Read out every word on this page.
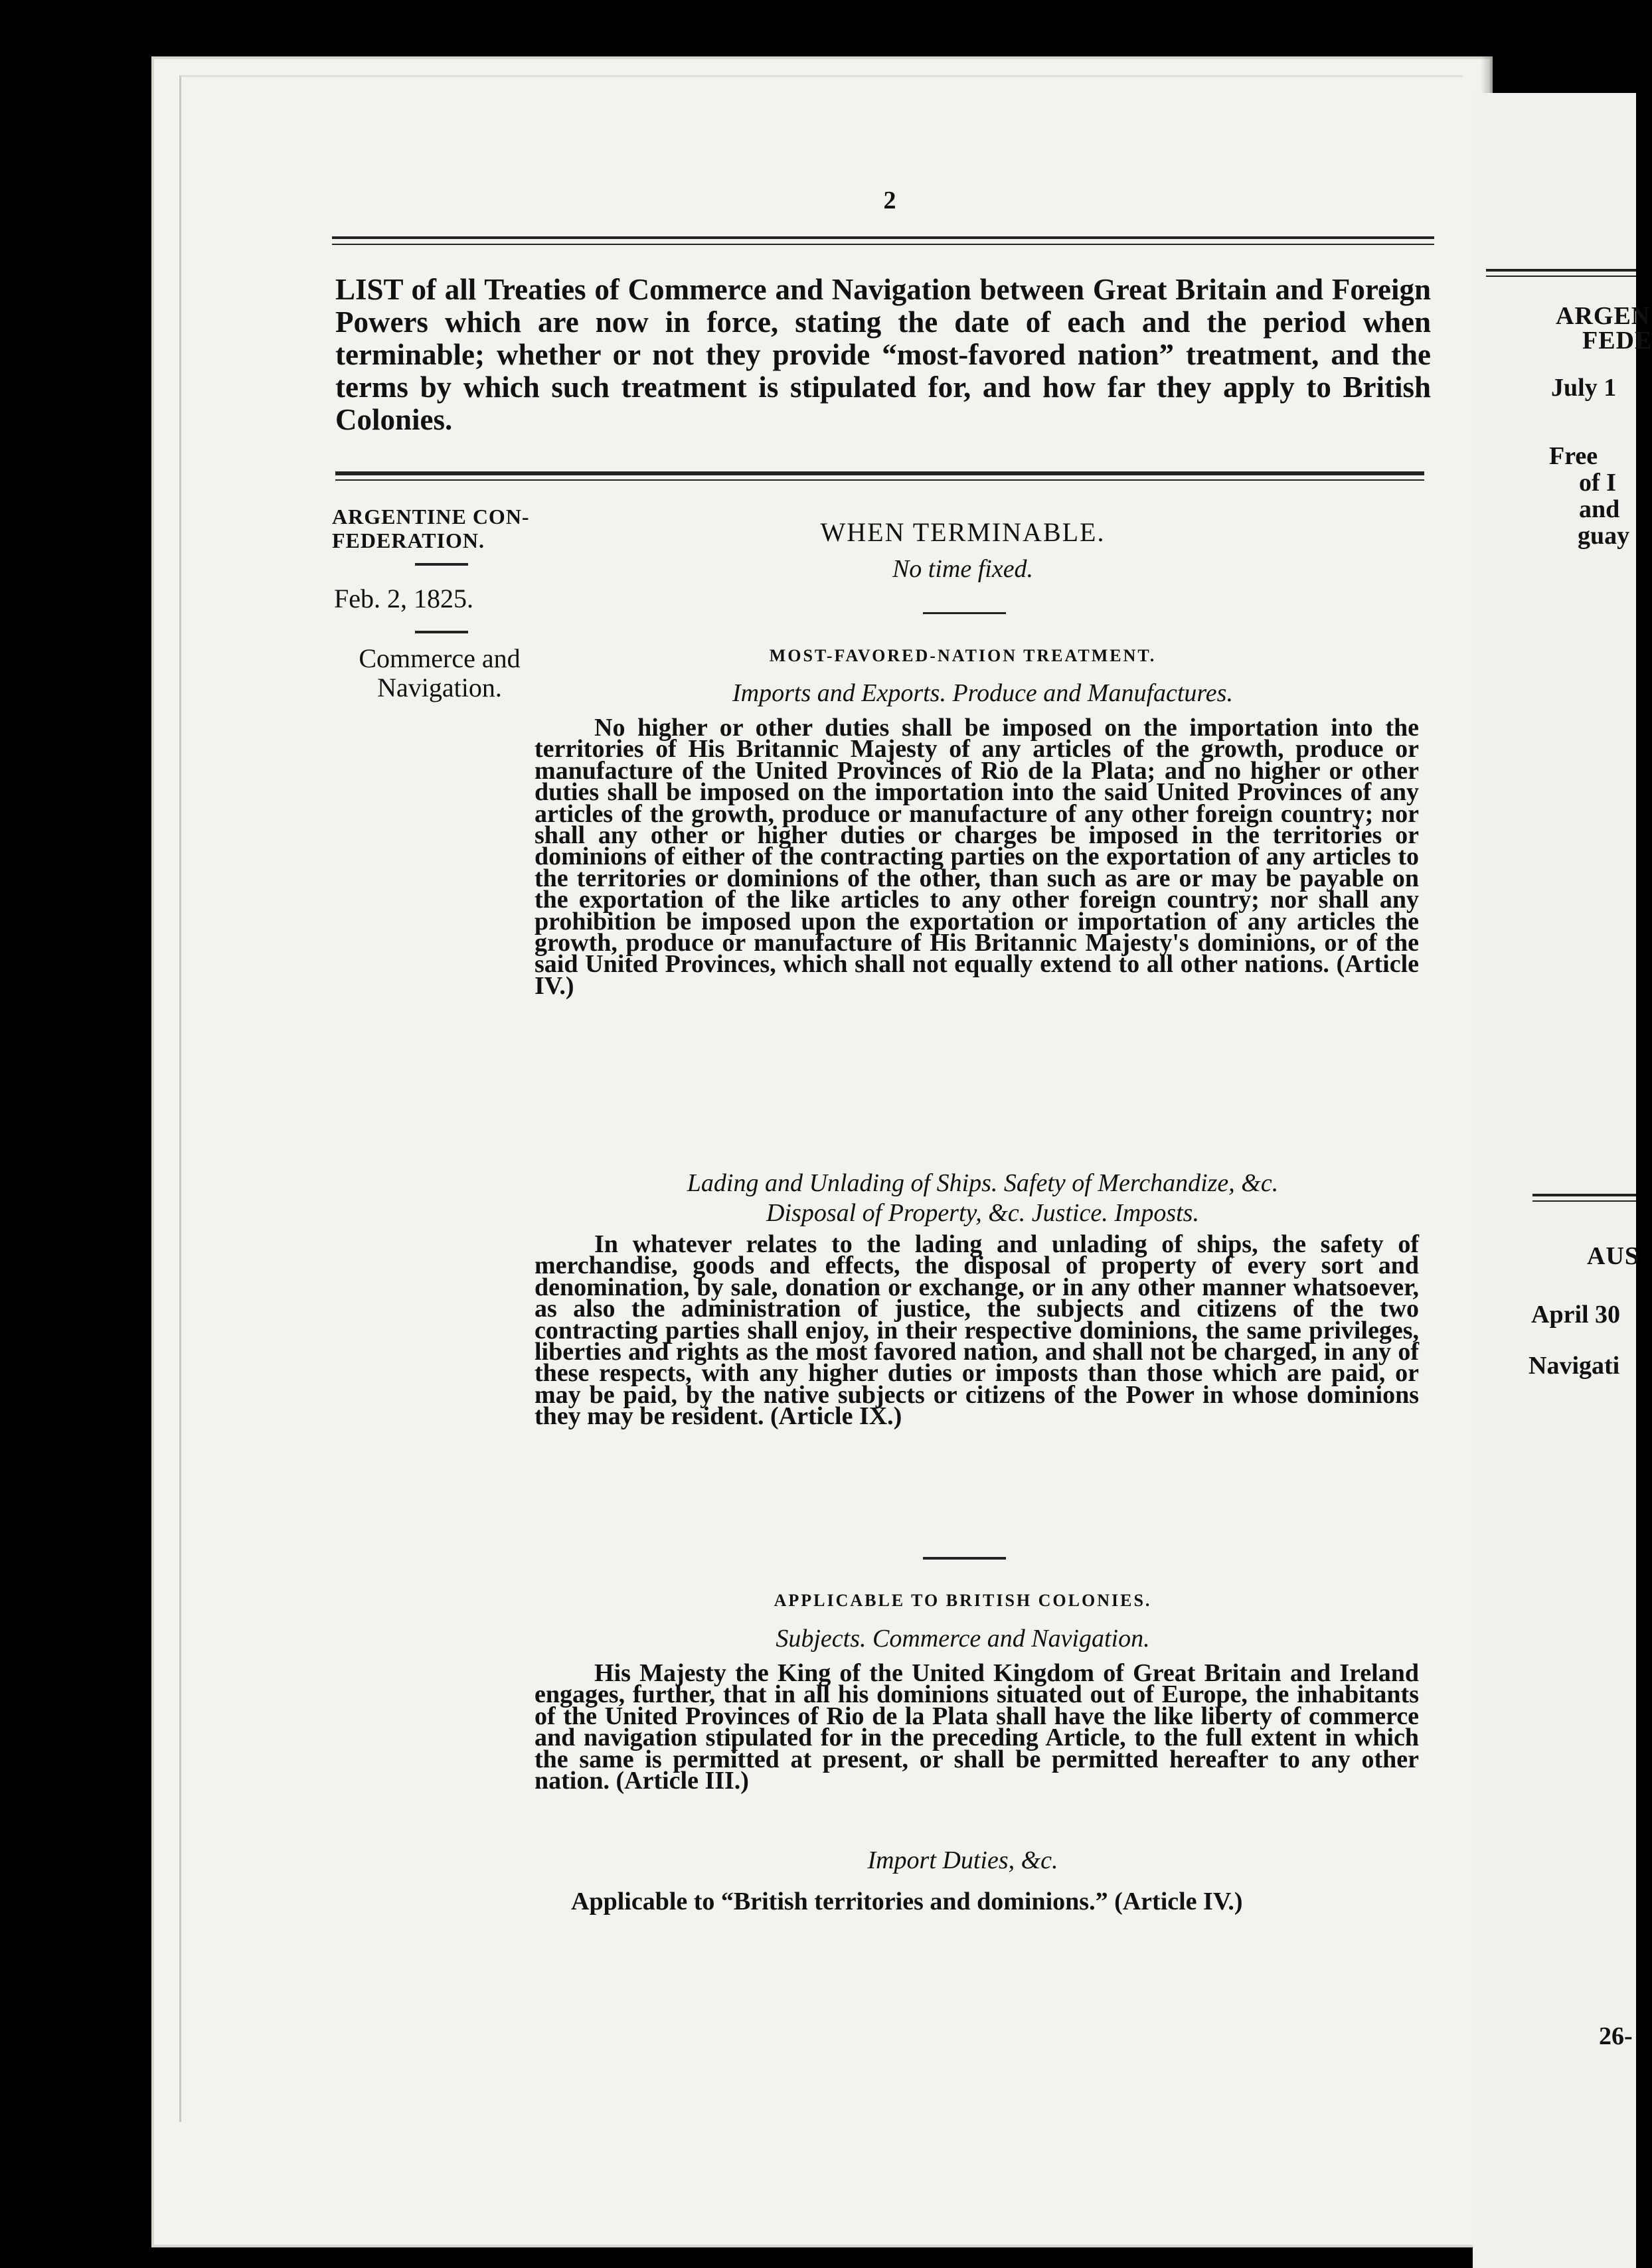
2
LIST of all Treaties of Commerce and Navigation between Great Britain and Foreign Powers which are now in force, stating the date of each and the period when terminable; whether or not they provide “most-favored nation” treatment, and the terms by which such treatment is stipulated for, and how far they apply to British Colonies.
ARGENTINE CON-FEDERATION.
Feb. 2, 1825.
Commerce and Navigation.
WHEN TERMINABLE.
No time fixed.
MOST-FAVORED-NATION TREATMENT.
Imports and Exports. Produce and Manufactures.
No higher or other duties shall be imposed on the importation into the territories of His Britannic Majesty of any articles of the growth, produce or manufacture of the United Provinces of Rio de la Plata; and no higher or other duties shall be imposed on the importation into the said United Provinces of any articles of the growth, produce or manufacture of any other foreign country; nor shall any other or higher duties or charges be imposed in the territories or dominions of either of the contracting parties on the exportation of any articles to the territories or dominions of the other, than such as are or may be payable on the exportation of the like articles to any other foreign country; nor shall any prohibition be imposed upon the exportation or importation of any articles the growth, produce or manufacture of His Britannic Majesty's dominions, or of the said United Provinces, which shall not equally extend to all other nations. (Article IV.)
Lading and Unlading of Ships. Safety of Merchandize, &c.
Disposal of Property, &c. Justice. Imposts.
In whatever relates to the lading and unlading of ships, the safety of merchandise, goods and effects, the disposal of property of every sort and denomination, by sale, donation or exchange, or in any other manner whatsoever, as also the administration of justice, the subjects and citizens of the two contracting parties shall enjoy, in their respective dominions, the same privileges, liberties and rights as the most favored nation, and shall not be charged, in any of these respects, with any higher duties or imposts than those which are paid, or may be paid, by the native subjects or citizens of the Power in whose dominions they may be resident. (Article IX.)
APPLICABLE TO BRITISH COLONIES.
Subjects. Commerce and Navigation.
His Majesty the King of the United Kingdom of Great Britain and Ireland engages, further, that in all his dominions situated out of Europe, the inhabitants of the United Provinces of Rio de la Plata shall have the like liberty of commerce and navigation stipulated for in the preceding Article, to the full extent in which the same is permitted at present, or shall be permitted hereafter to any other nation. (Article III.)
Import Duties, &c.
Applicable to “British territories and dominions.” (Article IV.)
ARGEN
FEDE
July 1
Free
of I
and
guay
AUS
April 30
Navigati
26-
